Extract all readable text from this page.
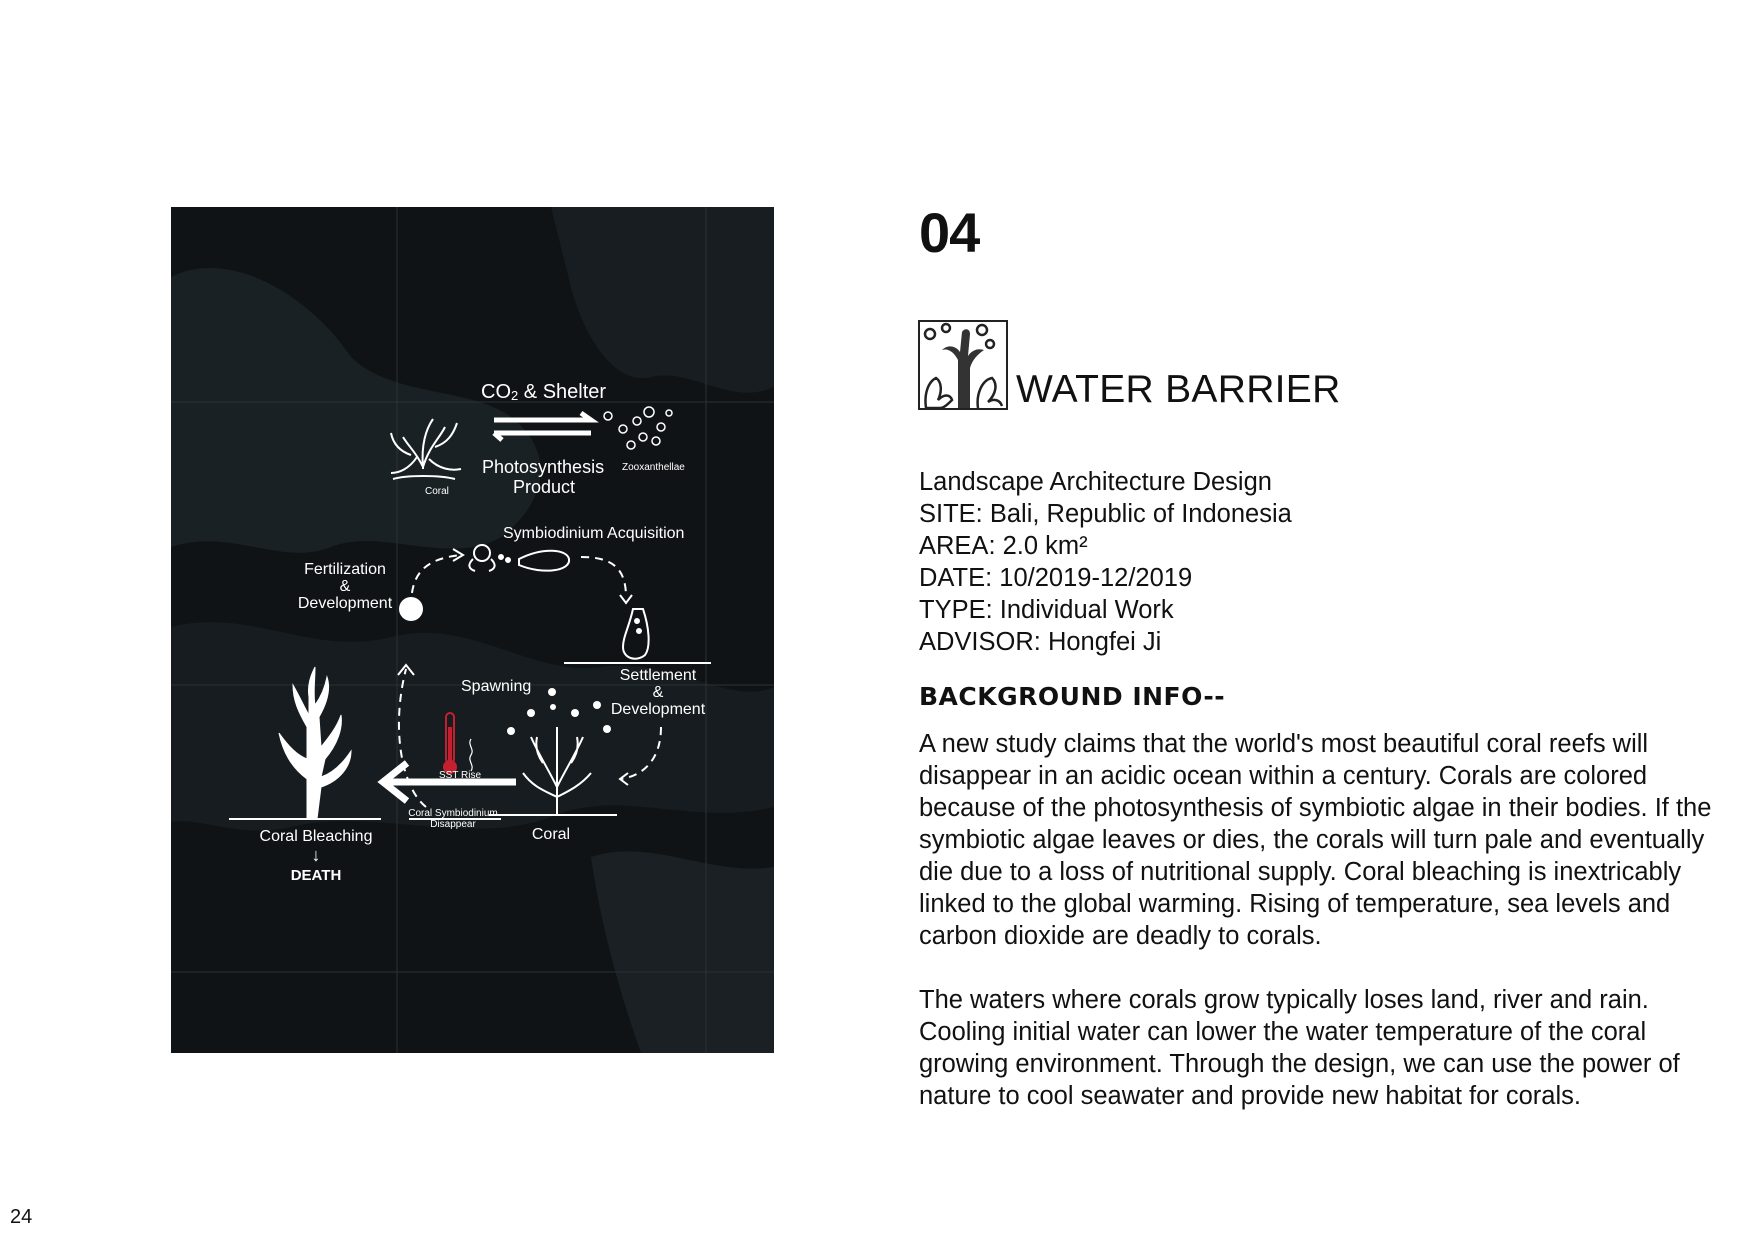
CO2 & Shelter
Photosynthesis
Product
Coral
Zooxanthellae
Symbiodinium Acquisition
Fertilization
&
Development
Spawning
Settlement
&
Development
SST Rise
Coral Symbiodinium
Disappear
Coral Bleaching
↓
DEATH
Coral
04
WATER BARRIER
Landscape Architecture Design
SITE: Bali, Republic of Indonesia
AREA: 2.0 km²
DATE: 10/2019-12/2019
TYPE: Individual Work
ADVISOR: Hongfei Ji
BACKGROUND INFO--

A new study claims that the world's most beautiful coral reefs will disappear in an acidic ocean within a century. Corals are colored because of the photosynthesis of symbiotic algae in their bodies. If the symbiotic algae leaves or dies, the corals will turn pale and eventually die due to a loss of nutritional supply. Coral bleaching is inextricably linked to the global warming. Rising of temperature, sea levels and carbon dioxide are deadly to corals.

The waters where corals grow typically loses land, river and rain. Cooling initial water can lower the water temperature of the coral growing environment. Through the design, we can use the power of nature to cool seawater and provide new habitat for corals.

24
